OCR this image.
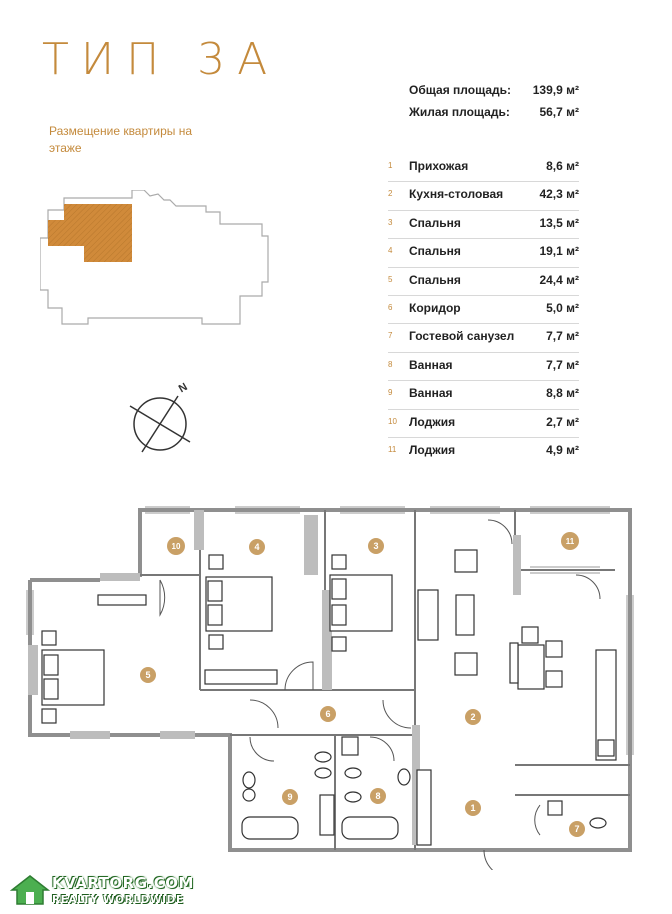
ТИП 3А
Размещение квартиры на этаже
Общая площадь: 139,9 м²
Жилая площадь: 56,7 м²
1 Прихожая	8,6 м²
2 Кухня-столовая	42,3 м²
3 Спальня	13,5 м²
4 Спальня	19,1 м²
5 Спальня	24,4 м²
6 Коридор	5,0 м²
7 Гостевой санузел	7,7 м²
8 Ванная	7,7 м²
9 Ванная	8,8 м²
10 Лоджия	2,7 м²
11 Лоджия	4,9 м²
N
1
2
3
4
5
6
7
8
9
10
11
KVARTORG.COM
REALTY WORLDWIDE
